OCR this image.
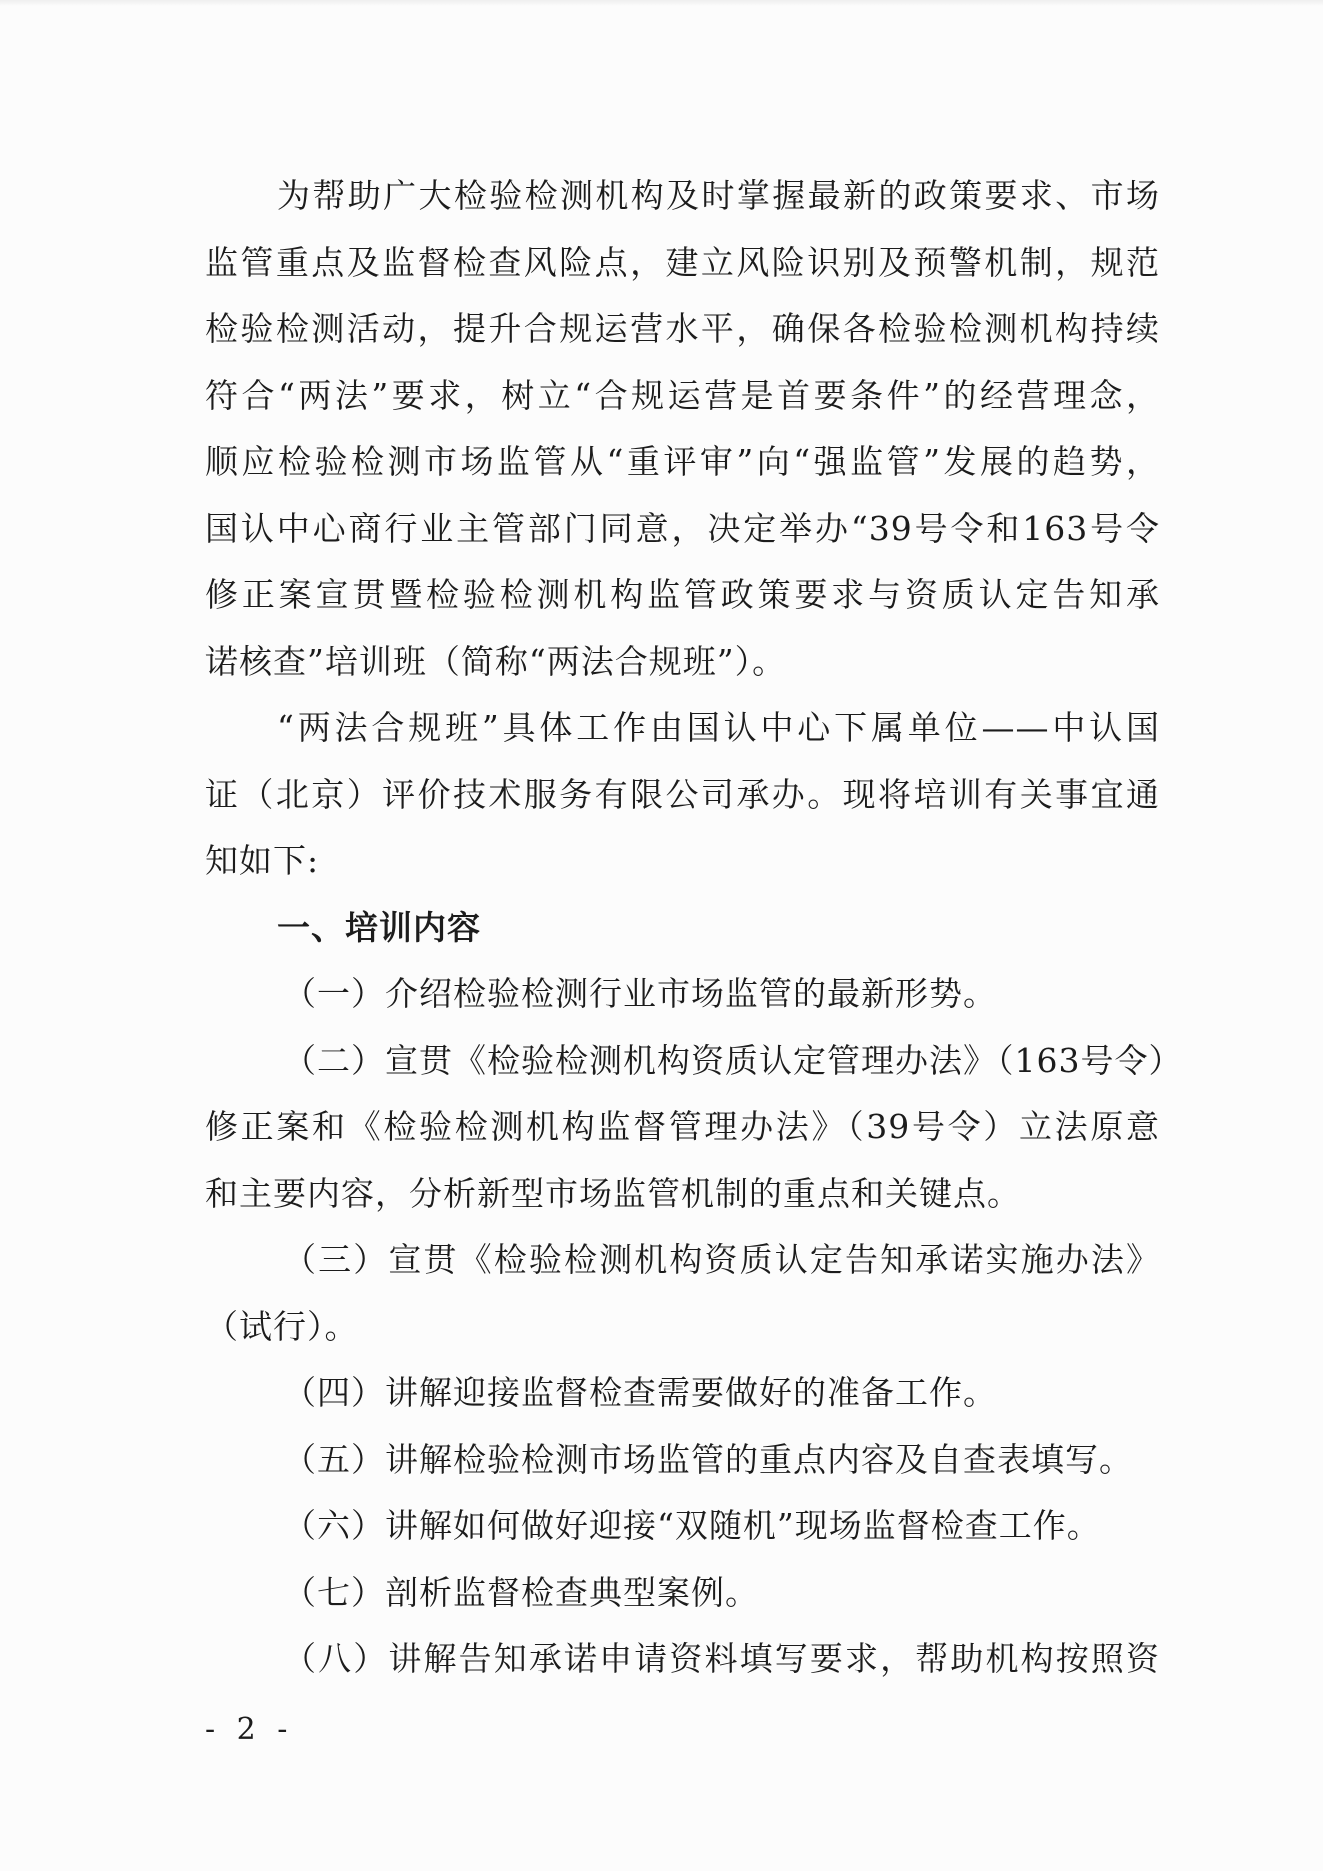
为帮助广大检验检测机构及时掌握最新的政策要求、市场
监管重点及监督检查风险点，建立风险识别及预警机制，规范
检验检测活动，提升合规运营水平，确保各检验检测机构持续
符合“两法”要求，树立“合规运营是首要条件”的经营理念，
顺应检验检测市场监管从“重评审”向“强监管”发展的趋势，
国认中心商行业主管部门同意，决定举办“39号令和163号令
修正案宣贯暨检验检测机构监管政策要求与资质认定告知承
诺核查”培训班（简称“两法合规班”）。
“两法合规班”具体工作由国认中心下属单位——中认国
证（北京）评价技术服务有限公司承办。现将培训有关事宜通
知如下:
一、培训内容
（一）介绍检验检测行业市场监管的最新形势。
（二）宣贯《检验检测机构资质认定管理办法》（163号令）
修正案和《检验检测机构监督管理办法》（39号令）立法原意
和主要内容，分析新型市场监管机制的重点和关键点。
（三）宣贯《检验检测机构资质认定告知承诺实施办法》
（试行）。
（四）讲解迎接监督检查需要做好的准备工作。
（五）讲解检验检测市场监管的重点内容及自查表填写。
（六）讲解如何做好迎接“双随机”现场监督检查工作。
（七）剖析监督检查典型案例。
（八）讲解告知承诺申请资料填写要求，帮助机构按照资
- 2 -
